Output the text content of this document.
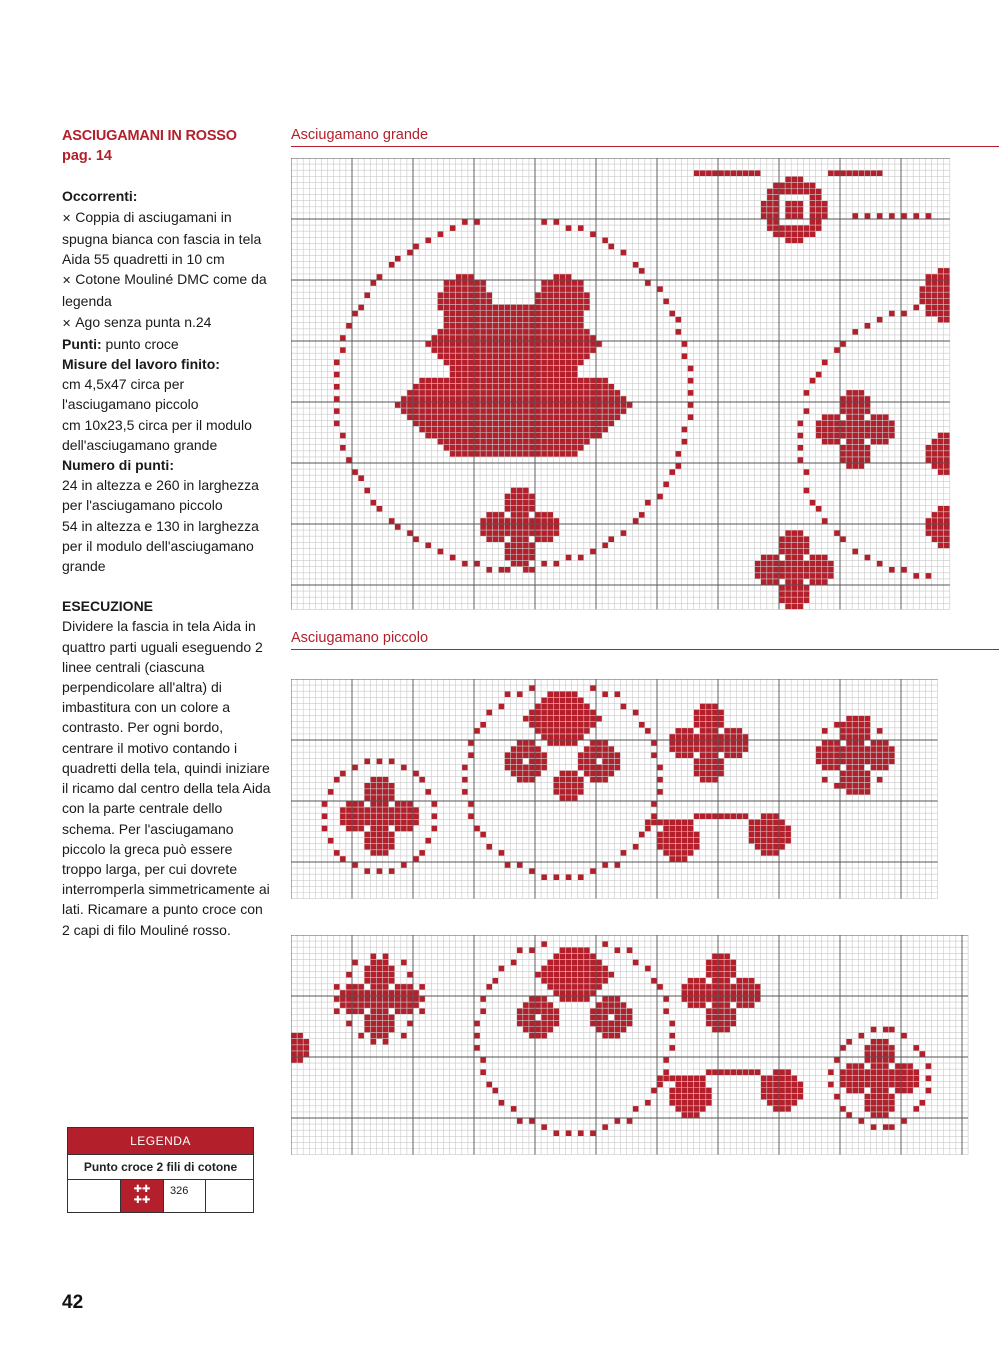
ASCIUGAMANI IN ROSSO
pag. 14
Occorrenti:
✕ Coppia di asciugamani in spugna bianca con fascia in tela Aida 55 quadretti in 10 cm
✕ Cotone Mouliné DMC come da legenda
✕ Ago senza punta n.24
Punti: punto croce
Misure del lavoro finito:
cm 4,5x47 circa per l'asciugamano piccolo
cm 10x23,5 circa per il modulo dell'asciugamano grande
Numero di punti:
24 in altezza e 260 in larghezza per l'asciugamano piccolo
54 in altezza e 130 in larghezza per il modulo dell'asciugamano grande
ESECUZIONE
Dividere la fascia in tela Aida in quattro parti uguali eseguendo 2 linee centrali (ciascuna perpendicolare all'altra) di imbastitura con un colore a contrasto. Per ogni bordo, centrare il motivo contando i quadretti della tela, quindi iniziare il ricamo dal centro della tela Aida con la parte centrale dello schema. Per l'asciugamano piccolo la greca può essere troppo larga, per cui dovrete interromperla simmetricamente ai lati. Ricamare a punto croce con 2 capi di filo Mouliné rosso.
Asciugamano grande
Asciugamano piccolo
LEGENDA
Punto croce 2 fili di cotone
✚✚
✚✚
326
42
